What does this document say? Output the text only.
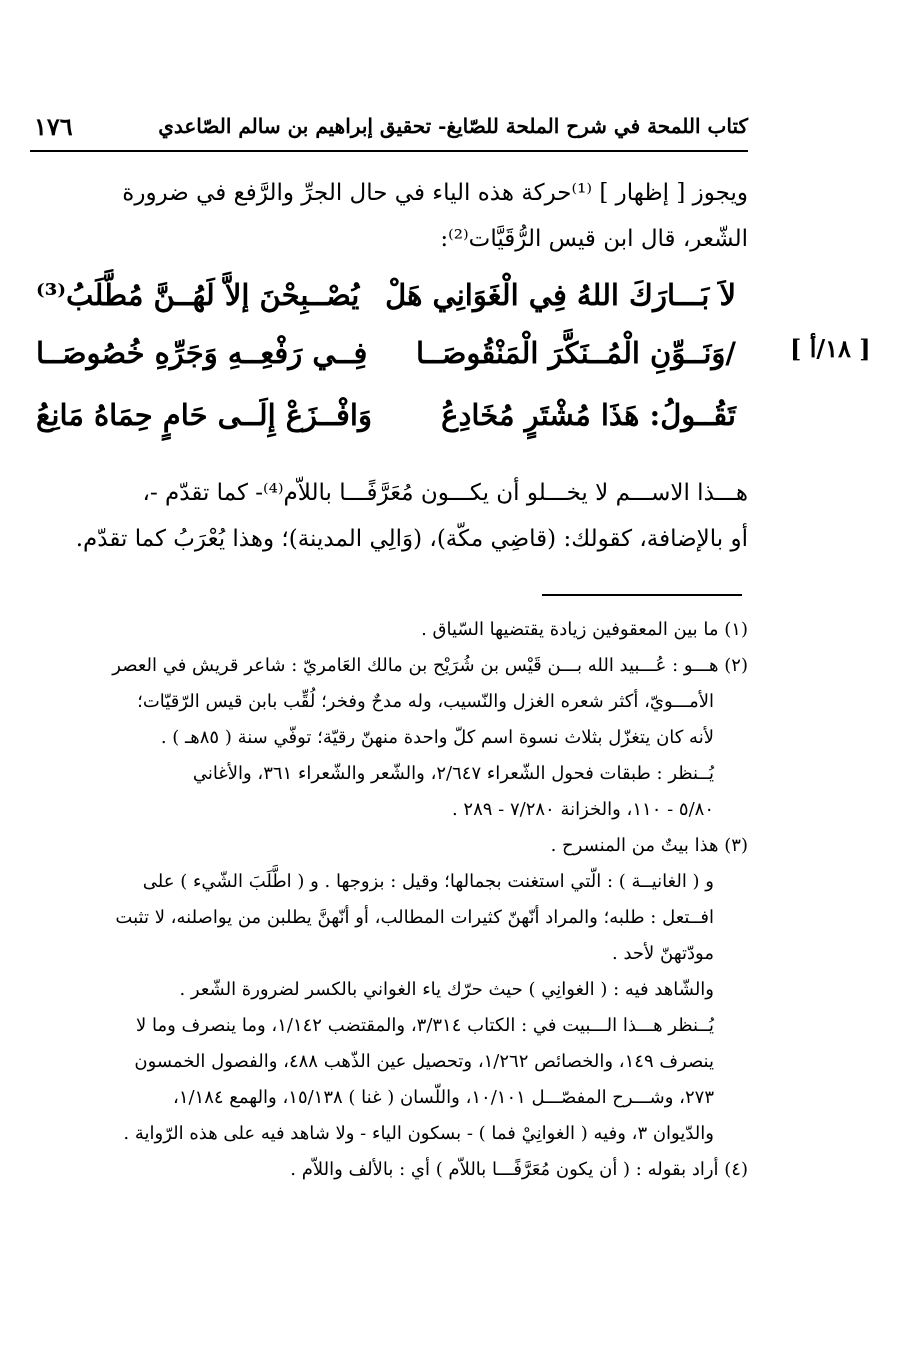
كتاب اللمحة في شرح الملحة للصّايغ- تحقيق إبراهيم بن سالم الصّاعدي
١٧٦
[ ١٨/أ ]
ويجوز [ إظهار ] ⁽¹⁾حركة هذه الياء في حال الجرِّ والرَّفع في ضرورة
الشّعر، قال ابن قيس الرُّقَيَّات⁽²⁾:
لاَ بَـــارَكَ اللهُ فِي الْغَوَانِي هَلْ
يُصْــبِحْنَ إلاَّ لَهُــنَّ مُطَّلَبُ⁽³⁾
/وَنَــوِّنِ الْمُــنَكَّرَ الْمَنْقُوصَــا
فِــي رَفْعِــهِ وَجَرِّهِ خُصُوصَــا
تَقُــولُ: هَذَا مُشْتَرٍ مُخَادِعُ
وَافْــزَعْ إِلَــى حَامٍ حِمَاهُ مَانِعُ
هـــذا الاســـم لا يخـــلو أن يكـــون مُعَرَّفًـــا باللاّم⁽⁴⁾- كما تقدّم -،
أو بالإضافة، كقولك: (قاضِي مكّة)، (وَالِي المدينة)؛ وهذا يُعْرَبُ كما تقدّم.
(١) ما بين المعقوفين زيادة يقتضيها السّياق .
(٢) هـــو : عُـــبيد الله بـــن قَيْس بن شُرَيْح بن مالك العَامريّ : شاعر قريش في العصر
الأمـــويّ، أكثر شعره الغزل والنّسيب، وله مدحٌ وفخر؛ لُقِّب بابن قيس الرّقيّات؛
لأنه كان يتغزّل بثلاث نسوة اسم كلّ واحدة منهنّ رقيّة؛ توفّي سنة ( ٨٥هـ ) .
يُــنظر : طبقات فحول الشّعراء ٢/٦٤٧، والشّعر والشّعراء ٣٦١، والأغاني
٥/٨٠ - ١١٠، والخزانة ٧/٢٨٠ - ٢٨٩ .
(٣) هذا بيتٌ من المنسرح .
و ( الغانيــة ) : الّتي استغنت بجمالها؛ وقيل : بزوجها . و ( اطَّلَبَ الشّيء ) على
افــتعل : طلبه؛ والمراد أنّهنّ كثيرات المطالب، أو أنّهنَّ يطلبن من يواصلنه، لا تثبت
مودّتهنّ لأحد .
والشّاهد فيه : ( الغوانِي ) حيث حرّك ياء الغواني بالكسر لضرورة الشّعر .
يُــنظر هـــذا الـــبيت في : الكتاب ٣/٣١٤، والمقتضب ١/١٤٢، وما ينصرف وما لا
ينصرف ١٤٩، والخصائص ١/٢٦٢، وتحصيل عين الذّهب ٤٨٨، والفصول الخمسون
٢٧٣، وشـــرح المفصّـــل ١٠/١٠١، واللّسان ( غنا ) ١٥/١٣٨، والهمع ١/١٨٤،
والدّيوان ٣، وفيه ( الغوانِيْ فما ) - بسكون الياء - ولا شاهد فيه على هذه الرّواية .
(٤) أراد بقوله : ( أن يكون مُعَرَّفًـــا باللاّم ) أي : بالألف واللاّم .
